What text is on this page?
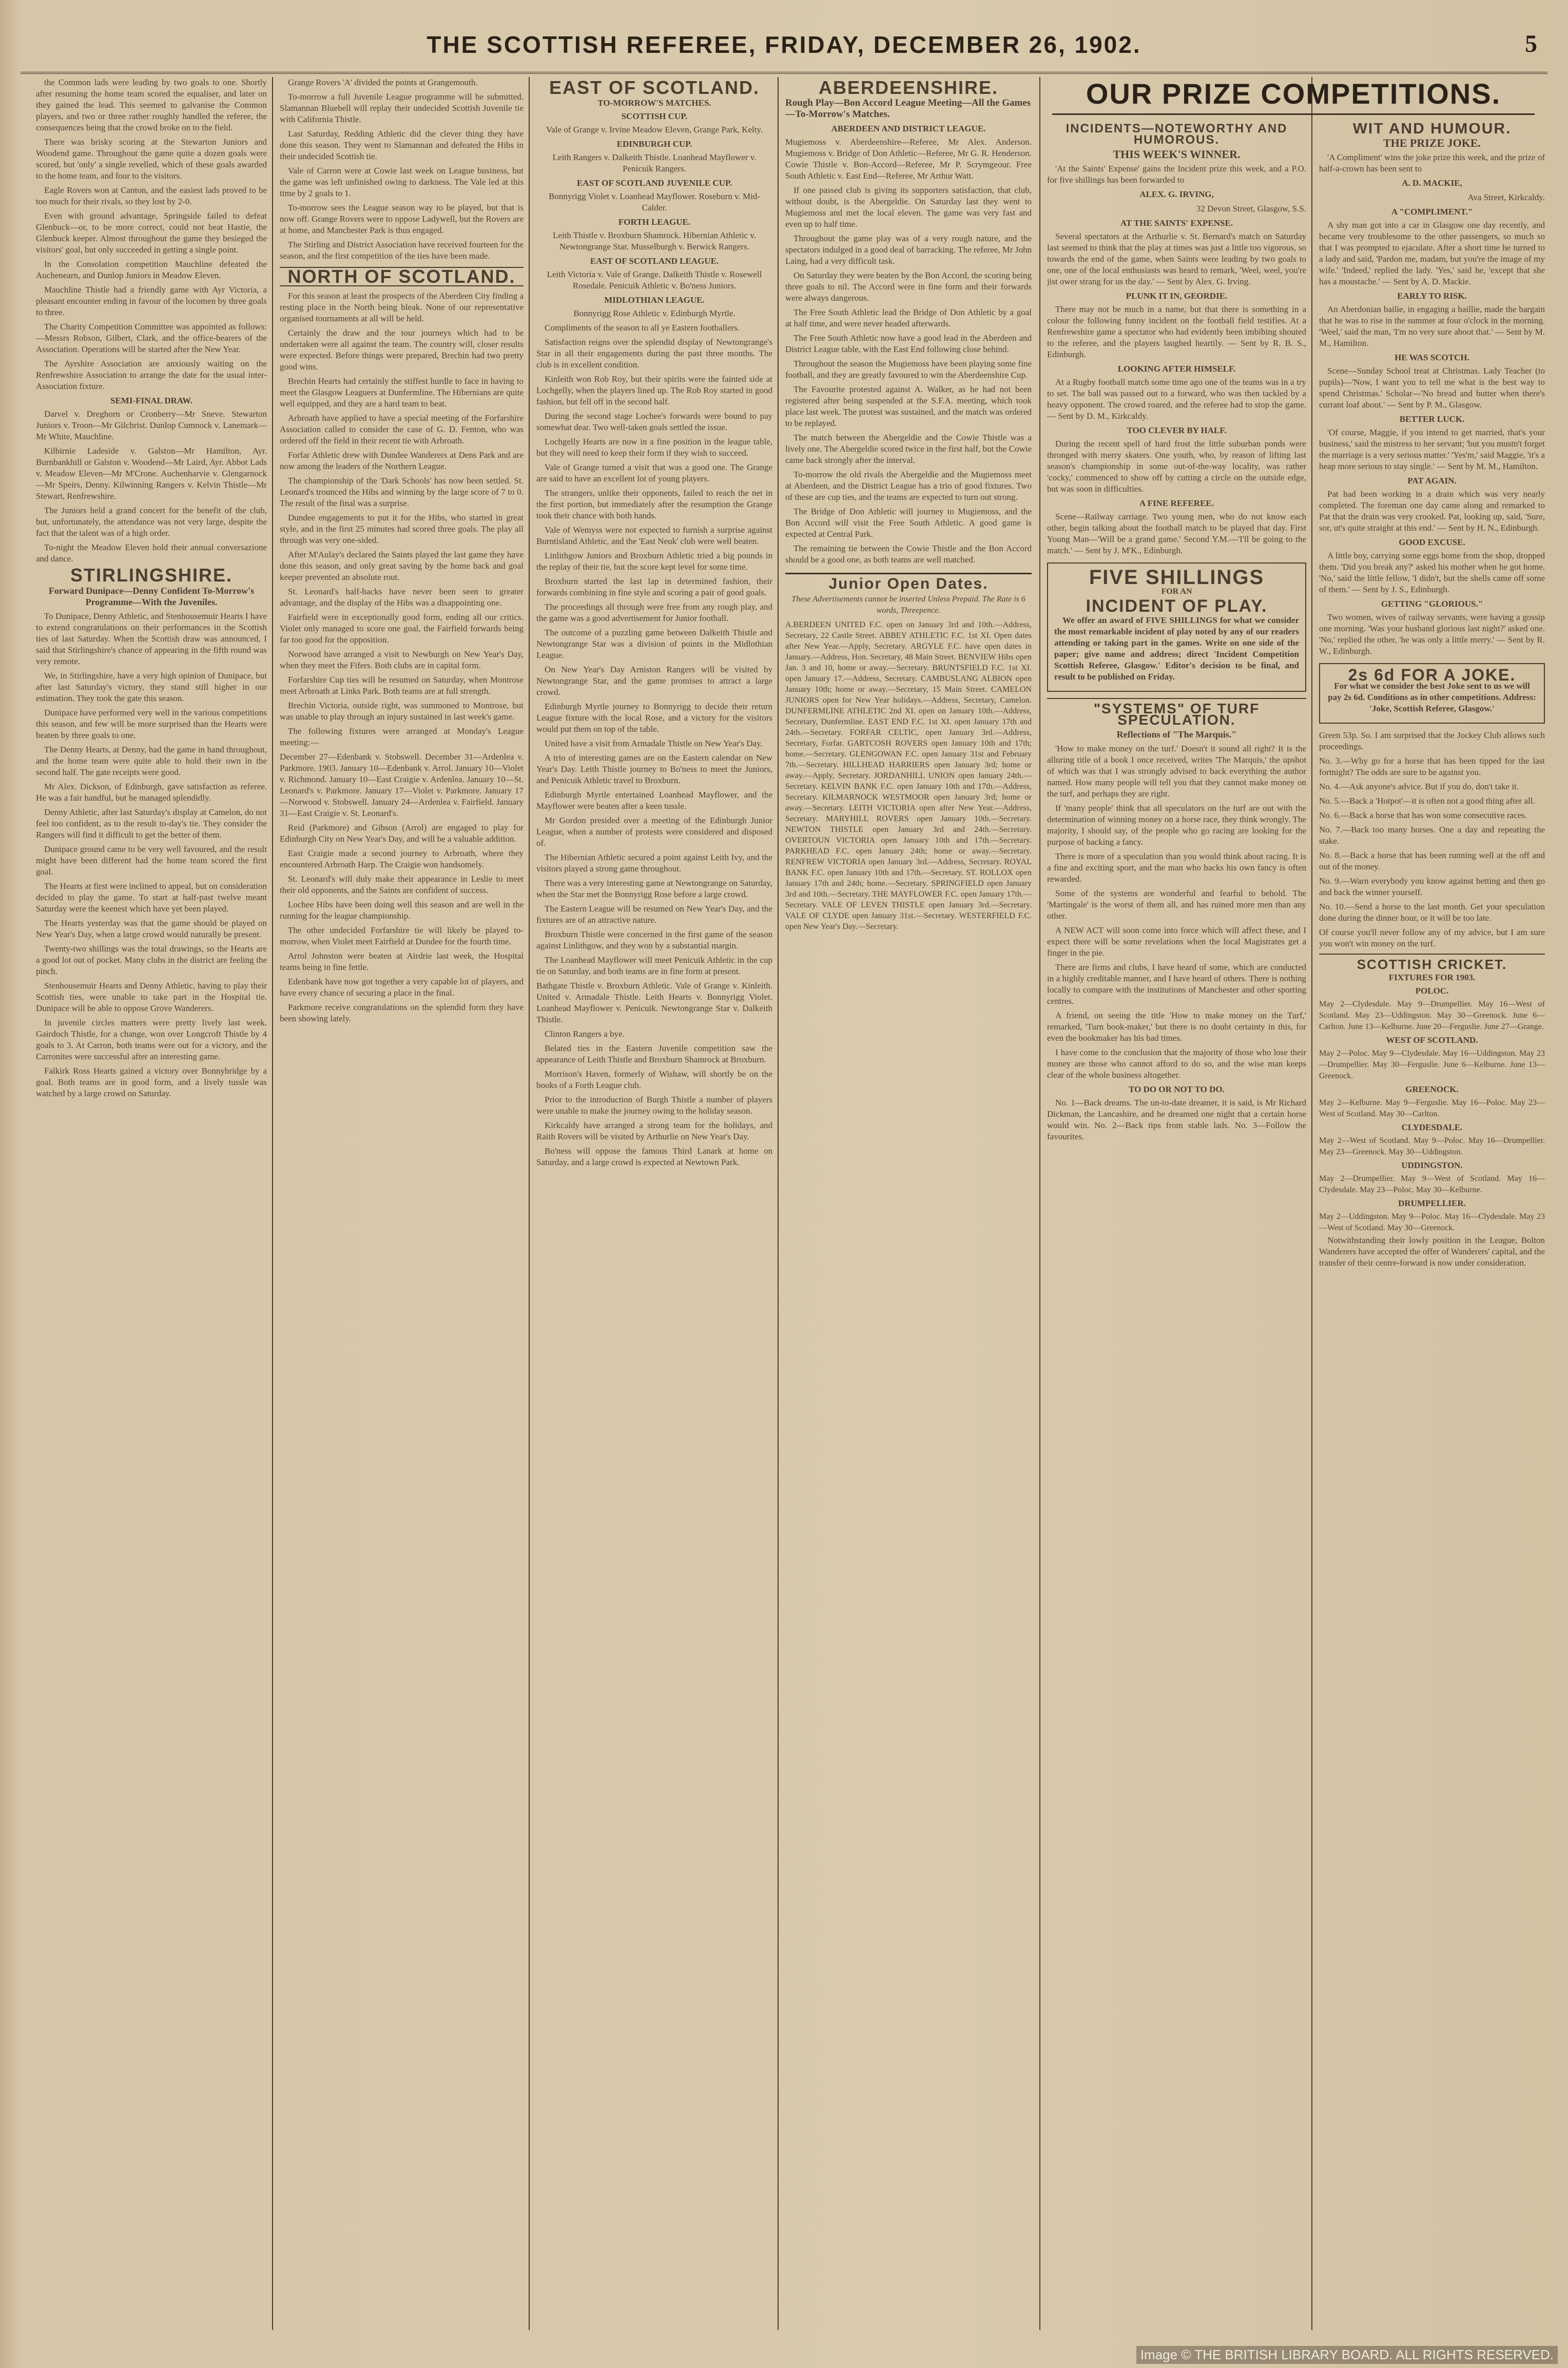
THE SCOTTISH REFEREE, FRIDAY, DECEMBER 26, 1902.	5

the Common lads were leading by two goals to one. Shortly after resuming the home team scored the equaliser, and later on they gained the lead. This seemed to galvanise the Common players, and two or three rather roughly handled the referee, the consequences being that the crowd broke on to the field.

There was brisky scoring at the Stewarton Juniors and Woodend game. Throughout the game quite a dozen goals were scored, but 'only' a single revelled, which of these goals awarded to the home team, and four to the visitors.

Eagle Rovers won at Canton, and the easiest lads proved to be too much for their rivals, so they lost by 2-0.

Even with ground advantage, Springside failed to defeat Glenbuck—or, to be more correct, could not beat Hastie, the Glenbuck keeper. Almost throughout the game they besieged the visitors' goal, but only succeeded in getting a single point.

In the Consolation competition Mauchline defeated the Auchenearn, and Dunlop Juniors in Meadow Eleven.

Mauchline Thistle had a friendly game with Ayr Victoria, a pleasant encounter ending in favour of the locomen by three goals to three.

The Charity Competition Committee was appointed as follows:—Messrs Robson, Gilbert, Clark, and the office-bearers of the Association. Operations will be started after the New Year.

The Ayrshire Association are anxiously waiting on the Renfrewshire Association to arrange the date for the usual inter-Association fixture.

SEMI-FINAL DRAW.

Darvel v. Dreghorn or Cronberry—Mr Sneve. Stewarton Juniors v. Troon—Mr Gilchrist. Dunlop Cumnock v. Lanemark—Mr White, Mauchline.

Kilbirnie Ladeside v. Galston—Mr Hamilton, Ayr. Burnbankhill or Galston v. Woodend—Mr Laird, Ayr. Abbot Lads v. Meadow Eleven—Mr M'Crone. Auchenharvie v. Glengarnock—Mr Speirs, Denny. Kilwinning Rangers v. Kelvin Thistle—Mr Stewart, Renfrewshire.

The Juniors held a grand concert for the benefit of the club, but, unfortunately, the attendance was not very large, despite the fact that the talent was of a high order.

To-night the Meadow Eleven hold their annual conversazione and dance.

STIRLINGSHIRE.
Forward Dunipace—Denny Confident To-Morrow's Programme—With the Juveniles.

To Dunipace, Denny Athletic, and Stenhousemuir Hearts I have to extend congratulations on their performances in the Scottish ties of last Saturday. When the Scottish draw was announced, I said that Stirlingshire's chance of appearing in the fifth round was very remote.

We, in Stirlingshire, have a very high opinion of Dunipace, but after last Saturday's victory, they stand still higher in our estimation. They took the gate this season.

Dunipace have performed very well in the various competitions this season, and few will be more surprised than the Hearts were beaten by three goals to one.

The Denny Hearts, at Denny, had the game in hand throughout, and the home team were quite able to hold their own in the second half. The gate receipts were good.

Mr Alex. Dickson, of Edinburgh, gave satisfaction as referee. He was a fair handful, but he managed splendidly.

Denny Athletic, after last Saturday's display at Camelon, do not feel too confident, as to the result to-day's tie. They consider the Rangers will find it difficult to get the better of them.

Dunipace ground came to be very well favoured, and the result might have been different had the home team scored the first goal.

The Hearts at first were inclined to appeal, but on consideration decided to play the game. To start at half-past twelve meant Saturday were the keenest which have yet been played.

The Hearts yesterday was that the game should be played on New Year's Day, when a large crowd would naturally be present.

Twenty-two shillings was the total drawings, so the Hearts are a good lot out of pocket. Many clubs in the district are feeling the pinch.

Stenhousemuir Hearts and Denny Athletic, having to play their Scottish ties, were unable to take part in the Hospital tie. Dunipace will be able to oppose Grove Wanderers.

In juvenile circles matters were pretty lively last week. Gairdoch Thistle, for a change, won over Longcroft Thistle by 4 goals to 3. At Carron, both teams were out for a victory, and the Carronites were successful after an interesting game.

Falkirk Ross Hearts gained a victory over Bonnybridge by a goal. Both teams are in good form, and a lively tussle was watched by a large crowd on Saturday.

Grange Rovers 'A' divided the points at Grangemouth.

To-morrow a full Juvenile League programme will be submitted. Slamannan Bluebell will replay their undecided Scottish Juvenile tie with California Thistle.

Last Saturday, Redding Athletic did the clever thing they have done this season. They went to Slamannan and defeated the Hibs in their undecided Scottish tie.

Vale of Carron were at Cowie last week on League business, but the game was left unfinished owing to darkness. The Vale led at this time by 2 goals to 1.

To-morrow sees the League season way to be played, but that is now off. Grange Rovers were to oppose Ladywell, but the Rovers are at home, and Manchester Park is thus engaged.

The Stirling and District Association have received fourteen for the season, and the first competition of the ties have been made.

NORTH OF SCOTLAND.

For this season at least the prospects of the Aberdeen City finding a resting place in the North being bleak. None of our representative organised tournaments at all will be held.

Certainly the draw and the tour journeys which had to be undertaken were all against the team. The country will, closer results were expected. Before things were prepared, Brechin had two pretty good wins.

Brechin Hearts had certainly the stiffest hurdle to face in having to meet the Glasgow Leaguers at Dunfermline. The Hibernians are quite well equipped, and they are a hard team to beat.

Arbroath have applied to have a special meeting of the Forfarshire Association called to consider the case of G. D. Fenton, who was ordered off the field in their recent tie with Arbroath.

Forfar Athletic drew with Dundee Wanderers at Dens Park and are now among the leaders of the Northern League.

The championship of the 'Dark Schools' has now been settled. St. Leonard's trounced the Hibs and winning by the large score of 7 to 0. The result of the final was a surprise.

Dundee engagements to put it for the Hibs, who started in great style, and in the first 25 minutes had scored three goals. The play all through was very one-sided.

After M'Aulay's declared the Saints played the last game they have done this season, and only great saving by the home back and goal keeper prevented an absolute rout.

St. Leonard's half-backs have never been seen to greater advantage, and the display of the Hibs was a disappointing one.

Fairfield were in exceptionally good form, ending all our critics. Violet only managed to score one goal, the Fairfield forwards being far too good for the opposition.

Norwood have arranged a visit to Newburgh on New Year's Day, when they meet the Fifers. Both clubs are in capital form.

Forfarshire Cup ties will be resumed on Saturday, when Montrose meet Arbroath at Links Park. Both teams are at full strength.

Brechin Victoria, outside right, was summoned to Montrose, but was unable to play through an injury sustained in last week's game.

The following fixtures were arranged at Monday's League meeting:—

December 27—Edenbank v. Stobswell. December 31—Ardenlea v. Parkmore. 1903. January 10—Edenbank v. Arrol. January 10—Violet v. Richmond. January 10—East Craigie v. Ardenlea. January 10—St. Leonard's v. Parkmore. January 17—Violet v. Parkmore. January 17—Norwood v. Stobswell. January 24—Ardenlea v. Fairfield. January 31—East Craigie v. St. Leonard's.

Reid (Parkmore) and Gibson (Arrol) are engaged to play for Edinburgh City on New Year's Day, and will be a valuable addition.

East Craigie made a second journey to Arbroath, where they encountered Arbroath Harp. The Craigie won handsomely.

St. Leonard's will duly make their appearance in Leslie to meet their old opponents, and the Saints are confident of success.

Lochee Hibs have been doing well this season and are well in the running for the league championship.

The other undecided Forfarshire tie will likely be played to-morrow, when Violet meet Fairfield at Dundee for the fourth time.

Arrol Johnston were beaten at Airdrie last week, the Hospital teams being in fine fettle.

Edenbank have now got together a very capable lot of players, and have every chance of securing a place in the final.

Parkmore receive congratulations on the splendid form they have been showing lately.

EAST OF SCOTLAND.
TO-MORROW'S MATCHES.
SCOTTISH CUP.

Vale of Grange v. Irvine Meadow Eleven, Grange Park, Kelty.

EDINBURGH CUP.

Leith Rangers v. Dalkeith Thistle. Loanhead Mayflower v. Penicuik Rangers.

EAST OF SCOTLAND JUVENILE CUP.

Bonnyrigg Violet v. Loanhead Mayflower. Roseburn v. Mid-Calder.

FORTH LEAGUE.

Leith Thistle v. Broxburn Shamrock. Hibernian Athletic v. Newtongrange Star. Musselburgh v. Berwick Rangers.

EAST OF SCOTLAND LEAGUE.

Leith Victoria v. Vale of Grange. Dalkeith Thistle v. Rosewell Rosedale. Penicuik Athletic v. Bo'ness Juniors.

MIDLOTHIAN LEAGUE.

Bonnyrigg Rose Athletic v. Edinburgh Myrtle.

Compliments of the season to all ye Eastern footballers.

Satisfaction reigns over the splendid display of Newtongrange's Star in all their engagements during the past three months. The club is in excellent condition.

Kinleith won Rob Roy, but their spirits were the fainted side at Lochgelly, when the players lined up. The Rob Roy started in good fashion, but fell off in the second half.

During the second stage Lochee's forwards were bound to pay somewhat dear. Two well-taken goals settled the issue.

Lochgelly Hearts are now in a fine position in the league table, but they will need to keep their form if they wish to succeed.

Vale of Grange turned a visit that was a good one. The Grange are said to have an excellent lot of young players.

The strangers, unlike their opponents, failed to reach the net in the first portion, but immediately after the resumption the Grange took their chance with both hands.

Vale of Wemyss were not expected to furnish a surprise against Burntisland Athletic, and the 'East Neuk' club were well beaten.

Linlithgow Juniors and Broxburn Athletic tried a big pounds in the replay of their tie, but the score kept level for some time.

Broxburn started the last lap in determined fashion, their forwards combining in fine style and scoring a pair of good goals.

The proceedings all through were free from any rough play, and the game was a good advertisement for Junior football.

The outcome of a puzzling game between Dalkeith Thistle and Newtongrange Star was a division of points in the Midlothian League.

On New Year's Day Arniston Rangers will be visited by Newtongrange Star, and the game promises to attract a large crowd.

Edinburgh Myrtle journey to Bonnyrigg to decide their return League fixture with the local Rose, and a victory for the visitors would put them on top of the table.

United have a visit from Armadale Thistle on New Year's Day.

A trio of interesting games are on the Eastern calendar on New Year's Day. Leith Thistle journey to Bo'ness to meet the Juniors, and Penicuik Athletic travel to Broxburn.

Edinburgh Myrtle entertained Loanhead Mayflower, and the Mayflower were beaten after a keen tussle.

Mr Gordon presided over a meeting of the Edinburgh Junior League, when a number of protests were considered and disposed of.

The Hibernian Athletic secured a point against Leith Ivy, and the visitors played a strong game throughout.

There was a very interesting game at Newtongrange on Saturday, when the Star met the Bonnyrigg Rose before a large crowd.

The Eastern League will be resumed on New Year's Day, and the fixtures are of an attractive nature.

Broxburn Thistle were concerned in the first game of the season against Linlithgow, and they won by a substantial margin.

The Loanhead Mayflower will meet Penicuik Athletic in the cup tie on Saturday, and both teams are in fine form at present.

Bathgate Thistle v. Broxburn Athletic. Vale of Grange v. Kinleith. United v. Armadale Thistle. Leith Hearts v. Bonnyrigg Violet. Loanhead Mayflower v. Penicuik. Newtongrange Star v. Dalkeith Thistle.

Clinton Rangers a bye.

Belated ties in the Eastern Juvenile competition saw the appearance of Leith Thistle and Broxburn Shamrock at Broxburn.

Morrison's Haven, formerly of Wishaw, will shortly be on the books of a Forth League club.

Prior to the introduction of Burgh Thistle a number of players were unable to make the journey owing to the holiday season.

Kirkcaldy have arranged a strong team for the holidays, and Raith Rovers will be visited by Arthurlie on New Year's Day.

Bo'ness will oppose the famous Third Lanark at home on Saturday, and a large crowd is expected at Newtown Park.

ABERDEENSHIRE.
Rough Play—Bon Accord League Meeting—All the Games—To-Morrow's Matches.
ABERDEEN AND DISTRICT LEAGUE.

Mugiemoss v. Aberdeenshire—Referee, Mr Alex. Anderson. Mugiemoss v. Bridge of Don Athletic—Referee, Mr G. R. Henderson. Cowie Thistle v. Bon-Accord—Referee, Mr P. Scrymgeour. Free South Athletic v. East End—Referee, Mr Arthur Watt.

If one passed club is giving its supporters satisfaction, that club, without doubt, is the Abergeldie. On Saturday last they went to Mugiemoss and met the local eleven. The game was very fast and even up to half time.

Throughout the game play was of a very rough nature, and the spectators indulged in a good deal of barracking. The referee, Mr John Laing, had a very difficult task.

On Saturday they were beaten by the Bon Accord, the scoring being three goals to nil. The Accord were in fine form and their forwards were always dangerous.

The Free South Athletic lead the Bridge of Don Athletic by a goal at half time, and were never headed afterwards.

The Free South Athletic now have a good lead in the Aberdeen and District League table, with the East End following close behind.

Throughout the season the Mugiemoss have been playing some fine football, and they are greatly favoured to win the Aberdeenshire Cup.

The Favourite protested against A. Walker, as he had not been registered after being suspended at the S.F.A. meeting, which took place last week. The protest was sustained, and the match was ordered to be replayed.

The match between the Abergeldie and the Cowie Thistle was a lively one. The Abergeldie scored twice in the first half, but the Cowie came back strongly after the interval.

To-morrow the old rivals the Abergeldie and the Mugiemoss meet at Aberdeen, and the District League has a trio of good fixtures. Two of these are cup ties, and the teams are expected to turn out strong.

The Bridge of Don Athletic will journey to Mugiemoss, and the Bon Accord will visit the Free South Athletic. A good game is expected at Central Park.

The remaining tie between the Cowie Thistle and the Bon Accord should be a good one, as both teams are well matched.

Junior Open Dates.

These Advertisements cannot be inserted Unless Prepaid. The Rate is 6 words, Threepence.

A.BERDEEN UNITED F.C. open on January 3rd and 10th.—Address, Secretary, 22 Castle Street. ABBEY ATHLETIC F.C. 1st XI. Open dates after New Year.—Apply, Secretary. ARGYLE F.C. have open dates in January.—Address, Hon. Secretary, 48 Main Street. BENVIEW Hibs open Jan. 3 and 10, home or away.—Secretary. BRUNTSFIELD F.C. 1st XI. open January 17.—Address, Secretary. CAMBUSLANG ALBION open January 10th; home or away.—Secretary, 15 Main Street. CAMELON JUNIORS open for New Year holidays.—Address, Secretary, Camelon. DUNFERMLINE ATHLETIC 2nd XI. open on January 10th.—Address, Secretary, Dunfermline. EAST END F.C. 1st XI. open January 17th and 24th.—Secretary. FORFAR CELTIC, open January 3rd.—Address, Secretary, Forfar. GARTCOSH ROVERS open January 10th and 17th; home.—Secretary. GLENGOWAN F.C. open January 31st and February 7th.—Secretary. HILLHEAD HARRIERS open January 3rd; home or away.—Apply, Secretary. JORDANHILL UNION open January 24th.—Secretary. KELVIN BANK F.C. open January 10th and 17th.—Address, Secretary. KILMARNOCK WESTMOOR open January 3rd; home or away.—Secretary. LEITH VICTORIA open after New Year.—Address, Secretary. MARYHILL ROVERS open January 10th.—Secretary. NEWTON THISTLE open January 3rd and 24th.—Secretary. OVERTOUN VICTORIA open January 10th and 17th.—Secretary. PARKHEAD F.C. open January 24th; home or away.—Secretary. RENFREW VICTORIA open January 3rd.—Address, Secretary. ROYAL BANK F.C. open January 10th and 17th.—Secretary. ST. ROLLOX open January 17th and 24th; home.—Secretary. SPRINGFIELD open January 3rd and 10th.—Secretary. THE MAYFLOWER F.C. open January 17th.—Secretary. VALE OF LEVEN THISTLE open January 3rd.—Secretary. VALE OF CLYDE open January 31st.—Secretary. WESTERFIELD F.C. open New Year's Day.—Secretary.

OUR PRIZE COMPETITIONS.
INCIDENTS—NOTEWORTHY AND HUMOROUS.
THIS WEEK'S WINNER.

'At the Saints' Expense' gains the Incident prize this week, and a P.O. for five shillings has been forwarded to

ALEX. G. IRVING,

32 Devon Street, Glasgow, S.S.

AT THE SAINTS' EXPENSE.

Several spectators at the Arthurlie v. St. Bernard's match on Saturday last seemed to think that the play at times was just a little too vigorous, so towards the end of the game, when Saints were leading by two goals to one, one of the local enthusiasts was heard to remark, 'Weel, weel, you're jist ower strang for us the day.' — Sent by Alex. G. Irving.

PLUNK IT IN, GEORDIE.

There may not be much in a name, but that there is something in a colour the following funny incident on the football field testifies. At a Renfrewshire game a spectator who had evidently been imbibing shouted to the referee, and the players laughed heartily. — Sent by R. B. S., Edinburgh.

LOOKING AFTER HIMSELF.

At a Rugby football match some time ago one of the teams was in a try to set. The ball was passed out to a forward, who was then tackled by a heavy opponent. The crowd roared, and the referee had to stop the game. — Sent by D. M., Kirkcaldy.

TOO CLEVER BY HALF.

During the recent spell of hard frost the little suburban ponds were thronged with merry skaters. One youth, who, by reason of lifting last season's championship in some out-of-the-way locality, was rather 'cocky,' commenced to show off by cutting a circle on the outside edge, but was soon in difficulties.

A FINE REFEREE.

Scene—Railway carriage. Two young men, who do not know each other, begin talking about the football match to be played that day. First Young Man—'Will be a grand game.' Second Y.M.—'I'll be going to the match.' — Sent by J. M'K., Edinburgh.

FIVE SHILLINGS
FOR AN
INCIDENT OF PLAY.

We offer an award of FIVE SHILLINGS for what we consider the most remarkable incident of play noted by any of our readers attending or taking part in the games. Write on one side of the paper; give name and address; direct 'Incident Competition Scottish Referee, Glasgow.' Editor's decision to be final, and result to be published on Friday.

"SYSTEMS" OF TURF SPECULATION.
Reflections of "The Marquis."

'How to make money on the turf.' Doesn't it sound all right? It is the alluring title of a book I once received, writes 'The Marquis,' the upshot of which was that I was strongly advised to back everything the author named. How many people will tell you that they cannot make money on the turf, and perhaps they are right.

If 'many people' think that all speculators on the turf are out with the determination of winning money on a horse race, they think wrongly. The majority, I should say, of the people who go racing are looking for the purpose of backing a fancy.

There is more of a speculation than you would think about racing. It is a fine and exciting sport, and the man who backs his own fancy is often rewarded.

Some of the systems are wonderful and fearful to behold. The 'Martingale' is the worst of them all, and has ruined more men than any other.

A NEW ACT will soon come into force which will affect these, and I expect there will be some revelations when the local Magistrates get a finger in the pie.

There are firms and clubs, I have heard of some, which are conducted in a highly creditable manner, and I have heard of others. There is nothing locally to compare with the institutions of Manchester and other sporting centres.

A friend, on seeing the title 'How to make money on the Turf,' remarked, 'Turn book-maker,' but there is no doubt certainty in this, for even the bookmaker has his bad times.

I have come to the conclusion that the majority of those who lose their money are those who cannot afford to do so, and the wise man keeps clear of the whole business altogether.

TO DO OR NOT TO DO.

No. 1—Back dreams. The un-to-date dreamer, it is said, is Mr Richard Dickman, the Lancashire, and he dreamed one night that a certain horse would win. No. 2—Back tips from stable lads. No. 3—Follow the favourites.

WIT AND HUMOUR.
THE PRIZE JOKE.

'A Compliment' wins the joke prize this week, and the prize of half-a-crown has been sent to

A. D. MACKIE,

Ava Street, Kirkcaldy.

A "COMPLIMENT."

A shy man got into a car in Glasgow one day recently, and became very troublesome to the other passengers, so much so that I was prompted to ejaculate. After a short time he turned to a lady and said, 'Pardon me, madam, but you're the image of my wife.' 'Indeed,' replied the lady. 'Yes,' said he, 'except that she has a moustache.' — Sent by A. D. Mackie.

EARLY TO RISK.

An Aberdonian bailie, in engaging a baillie, made the bargain that he was to rise in the summer at four o'clock in the morning. 'Weel,' said the man, 'I'm no very sure aboot that.' — Sent by M. M., Hamilton.

HE WAS SCOTCH.

Scene—Sunday School treat at Christmas. Lady Teacher (to pupils)—'Now, I want you to tell me what is the best way to spend Christmas.' Scholar—'No bread and butter when there's currant loaf about.' — Sent by P. M., Glasgow.

BETTER LUCK.

'Of course, Maggie, if you intend to get married, that's your business,' said the mistress to her servant; 'but you mustn't forget the marriage is a very serious matter.' 'Yes'm,' said Maggie, 'it's a heap more serious to stay single.' — Sent by M. M., Hamilton.

PAT AGAIN.

Pat had been working in a drain which was very nearly completed. The foreman one day came along and remarked to Pat that the drain was very crooked. Pat, looking up, said, 'Sure, sor, ut's quite straight at this end.' — Sent by H. N., Edinburgh.

GOOD EXCUSE.

A little boy, carrying some eggs home from the shop, dropped them. 'Did you break any?' asked his mother when he got home. 'No,' said the little fellow, 'I didn't, but the shells came off some of them.' — Sent by J. S., Edinburgh.

GETTING "GLORIOUS."

Two women, wives of railway servants, were having a gossip one morning. 'Was your husband glorious last night?' asked one. 'No,' replied the other, 'he was only a little merry.' — Sent by R. W., Edinburgh.

2s 6d FOR A JOKE.

For what we consider the best Joke sent to us we will pay 2s 6d. Conditions as in other competitions. Address: 'Joke, Scottish Referee, Glasgow.'

Green 53p. So. I am surprised that the Jockey Club allows such proceedings.

No. 3.—Why go for a horse that has been tipped for the last fortnight? The odds are sure to be against you.

No. 4.—Ask anyone's advice. But if you do, don't take it.

No. 5.—Back a 'Hotpot'—it is often not a good thing after all.

No. 6.—Back a horse that has won some consecutive races.

No. 7.—Back too many horses. One a day and repeating the stake.

No. 8.—Back a horse that has been running well at the off and out of the money.

No. 9.—Warn everybody you know against betting and then go and back the winner yourself.

No. 10.—Send a horse to the last month. Get your speculation done during the dinner hour, or it will be too late.

Of course you'll never follow any of my advice, but I am sure you won't win money on the turf.

SCOTTISH CRICKET.
FIXTURES FOR 1903.
POLOC.

May 2—Clydesdale. May 9—Drumpellier. May 16—West of Scotland. May 23—Uddingston. May 30—Greenock. June 6—Carlton. June 13—Kelburne. June 20—Ferguslie. June 27—Grange.

WEST OF SCOTLAND.

May 2—Poloc. May 9—Clydesdale. May 16—Uddingston. May 23—Drumpellier. May 30—Ferguslie. June 6—Kelburne. June 13—Greenock.

GREENOCK.

May 2—Kelburne. May 9—Ferguslie. May 16—Poloc. May 23—West of Scotland. May 30—Carlton.

CLYDESDALE.

May 2—West of Scotland. May 9—Poloc. May 16—Drumpellier. May 23—Greenock. May 30—Uddingston.

UDDINGSTON.

May 2—Drumpellier. May 9—West of Scotland. May 16—Clydesdale. May 23—Poloc. May 30—Kelburne.

DRUMPELLIER.

May 2—Uddingston. May 9—Poloc. May 16—Clydesdale. May 23—West of Scotland. May 30—Greenock.

Notwithstanding their lowly position in the League, Bolton Wanderers have accepted the offer of Wanderers' capital, and the transfer of their centre-forward is now under consideration.

Image © THE BRITISH LIBRARY BOARD. ALL RIGHTS RESERVED.
